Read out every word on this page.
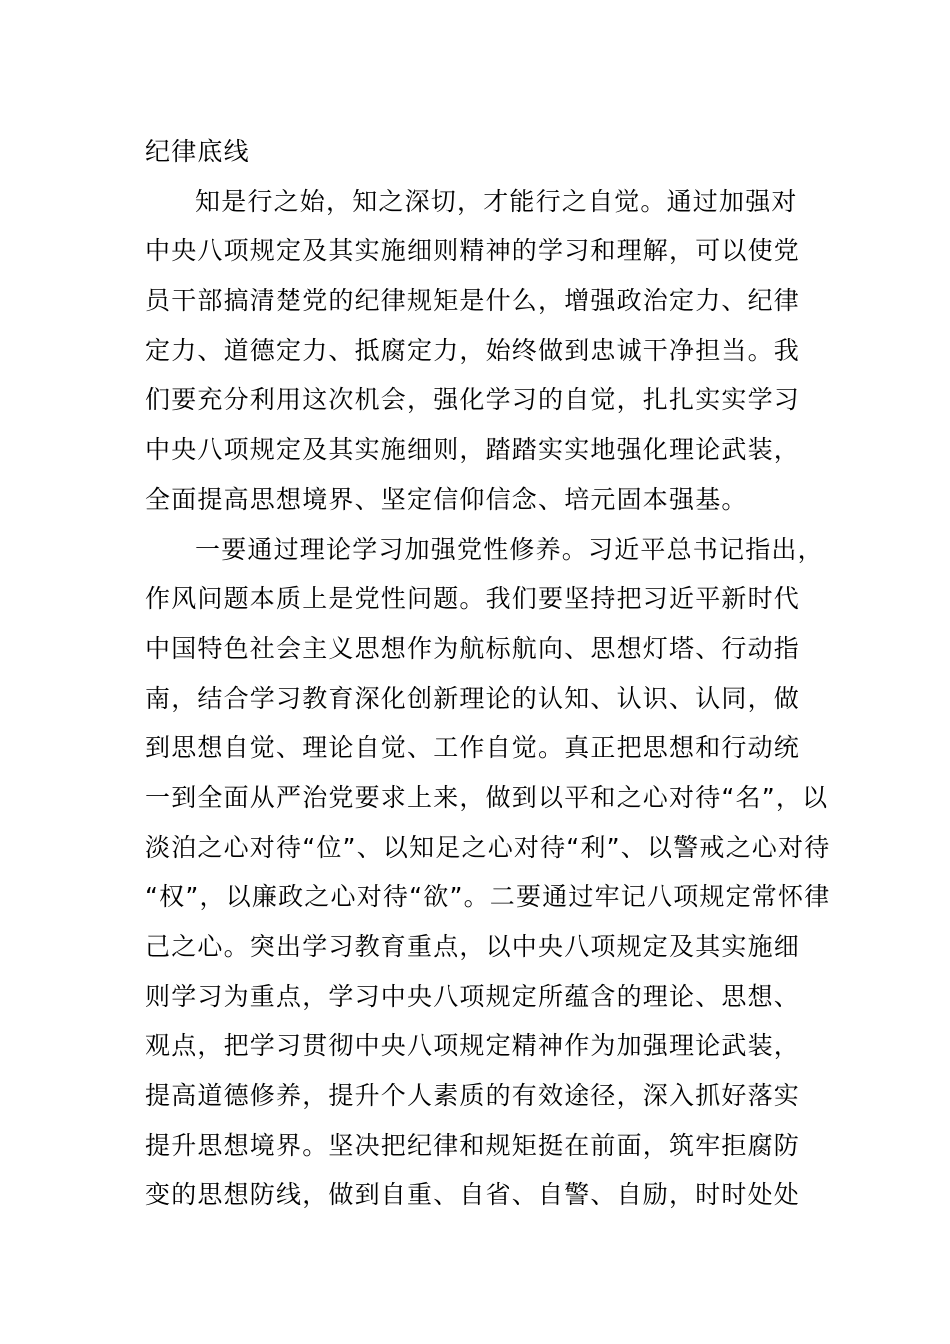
纪律底线
知是行之始，知之深切，才能行之自觉。通过加强对
中央八项规定及其实施细则精神的学习和理解，可以使党
员干部搞清楚党的纪律规矩是什么，增强政治定力、纪律
定力、道德定力、抵腐定力，始终做到忠诚干净担当。我
们要充分利用这次机会，强化学习的自觉，扎扎实实学习
中央八项规定及其实施细则，踏踏实实地强化理论武装，
全面提高思想境界、坚定信仰信念、培元固本强基。
一要通过理论学习加强党性修养。习近平总书记指出，
作风问题本质上是党性问题。我们要坚持把习近平新时代
中国特色社会主义思想作为航标航向、思想灯塔、行动指
南，结合学习教育深化创新理论的认知、认识、认同，做
到思想自觉、理论自觉、工作自觉。真正把思想和行动统
一到全面从严治党要求上来，做到以平和之心对待“名”，以
淡泊之心对待“位”、以知足之心对待“利”、以警戒之心对待
“权”，以廉政之心对待“欲”。二要通过牢记八项规定常怀律
己之心。突出学习教育重点，以中央八项规定及其实施细
则学习为重点，学习中央八项规定所蕴含的理论、思想、
观点，把学习贯彻中央八项规定精神作为加强理论武装，
提高道德修养，提升个人素质的有效途径，深入抓好落实
提升思想境界。坚决把纪律和规矩挺在前面，筑牢拒腐防
变的思想防线，做到自重、自省、自警、自励，时时处处
